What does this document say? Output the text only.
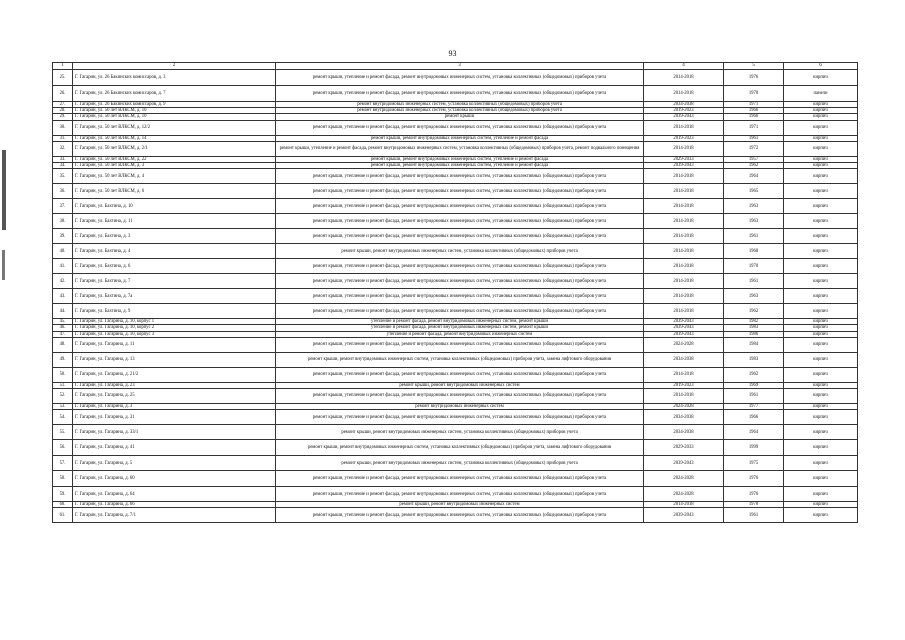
93
1	2	3	4	5	6
25.	Г. Гагарин, ул. 26 Бакинских комиссаров, д. 3	ремонт крыши, утепление и ремонт фасада, ремонт внутридомовых инженерных систем, установка коллективных (общедомовых) приборов учета	2014-2018	1976	кирпич
26.	Г. Гагарин, ул. 26 Бакинских комиссаров, д. 7	ремонт крыши, утепление и ремонт фасада, ремонт внутридомовых инженерных систем, установка коллективных (общедомовых) приборов учета	2014-2018	1970	панели
27.	Г. Гагарин, ул. 26 Бакинских комиссаров, д. 9	ремонт внутридомовых инженерных систем, установка коллективных (общедомовых) приборов учета	2034-2038	1971	кирпич
28.	Г. Гагарин, ул. 50 лет ВЛКСМ, д. 10	ремонт внутридомовых инженерных систем, установка коллективных (общедомовых) приборов учета	2019-2023	1966	кирпич
29.	Г. Гагарин, ул. 50 лет ВЛКСМ, д. 10	ремонт крыши	2039-2043	1966	кирпич
30.	Г. Гагарин, ул. 50 лет ВЛКСМ, д. 12/2	ремонт крыши, утепление и ремонт фасада, ремонт внутридомовых инженерных систем, установка коллективных (общедомовых) приборов учета	2014-2018	1971	кирпич
31.	Г. Гагарин, ул. 50 лет ВЛКСМ, д. 14	ремонт крыши, ремонт внутридомовых инженерных систем, утепление и ремонт фасада	2019-2023	1961	кирпич
32.	Г. Гагарин, ул. 50 лет ВЛКСМ, д. 2/1	ремонт крыши, утепление и ремонт фасада, ремонт внутридомовых инженерных систем, установка коллективных (общедомовых) приборов учета, ремонт подвального помещения	2014-2018	1972	кирпич
33.	Г. Гагарин, ул. 50 лет ВЛКСМ, д. 22	ремонт крыши, ремонт внутридомовых инженерных систем, утепление и ремонт фасада	2029-2033	1957	кирпич
34.	Г. Гагарин, ул. 50 лет ВЛКСМ, д. 3	ремонт крыши, ремонт внутридомовых инженерных систем, утепление и ремонт фасада	2039-2043	1962	кирпич
35.	Г. Гагарин, ул. 50 лет ВЛКСМ, д. 4	ремонт крыши, утепление и ремонт фасада, ремонт внутридомовых инженерных систем, установка коллективных (общедомовых) приборов учета	2014-2018	1964	кирпич
36.	Г. Гагарин, ул. 50 лет ВЛКСМ, д. 6	ремонт крыши, утепление и ремонт фасада, ремонт внутридомовых инженерных систем, установка коллективных (общедомовых) приборов учета	2014-2018	1965	кирпич
37.	Г. Гагарин, ул. Бахтина, д. 10	ремонт крыши, утепление и ремонт фасада, ремонт внутридомовых инженерных систем, установка коллективных (общедомовых) приборов учета	2014-2018	1963	кирпич
38.	Г. Гагарин, ул. Бахтина, д. 11	ремонт крыши, утепление и ремонт фасада, ремонт внутридомовых инженерных систем, установка коллективных (общедомовых) приборов учета	2014-2018	1963	кирпич
39.	Г. Гагарин, ул. Бахтина, д. 3	ремонт крыши, утепление и ремонт фасада, ремонт внутридомовых инженерных систем, установка коллективных (общедомовых) приборов учета	2014-2018	1961	кирпич
40.	Г. Гагарин, ул. Бахтина, д. 4	ремонт крыши, ремонт внутридомовых инженерных систем, установка коллективных (общедомовых) приборов учета	2014-2018	1968	кирпич
41.	Г. Гагарин, ул. Бахтина, д. 6	ремонт крыши, утепление и ремонт фасада, ремонт внутридомовых инженерных систем, установка коллективных (общедомовых) приборов учета	2014-2018	1970	кирпич
42.	Г. Гагарин, ул. Бахтина, д. 7	ремонт крыши, утепление и ремонт фасада, ремонт внутридомовых инженерных систем, установка коллективных (общедомовых) приборов учета	2014-2018	1961	кирпич
43.	Г. Гагарин, ул. Бахтина, д. 7а	ремонт крыши, утепление и ремонт фасада, ремонт внутридомовых инженерных систем, установка коллективных (общедомовых) приборов учета	2014-2018	1963	кирпич
44.	Г. Гагарин, ул. Бахтина, д. 9	ремонт крыши, утепление и ремонт фасада, ремонт внутридомовых инженерных систем, установка коллективных (общедомовых) приборов учета	2014-2018	1962	кирпич
45.	Г. Гагарин, ул. Гагарина, д. 10, корпус 1	утепление и ремонт фасада, ремонт внутридомовых инженерных систем, ремонт крыши	2039-2043	1982	кирпич
46.	Г. Гагарин, ул. Гагарина, д. 10, корпус 2	утепление и ремонт фасада, ремонт внутридомовых инженерных систем, ремонт крыши	2039-2043	1983	кирпич
47.	Г. Гагарин, ул. Гагарина, д. 10, корпус 3	утепление и ремонт фасада, ремонт внутридомовых инженерных систем	2039-2043	1986	кирпич
48.	Г. Гагарин, ул. Гагарина, д. 11	ремонт крыши, утепление и ремонт фасада, ремонт внутридомовых инженерных систем, установка коллективных (общедомовых) приборов учета	2024-2028	1984	кирпич
49.	Г. Гагарин, ул. Гагарина, д. 13	ремонт крыши, ремонт внутридомовых инженерных систем, установка коллективных (общедомовых) приборов учета, замена лифтового оборудования	2034-2038	1983	кирпич
50.	Г. Гагарин, ул. Гагарина, д. 21/2	ремонт крыши, утепление и ремонт фасада, ремонт внутридомовых инженерных систем, установка коллективных (общедомовых) приборов учета	2014-2018	1962	кирпич
51.	Г. Гагарин, ул. Гагарина, д. 23	ремонт крыши, ремонт внутридомовых инженерных систем	2019-2023	1969	кирпич
52.	Г. Гагарин, ул. Гагарина, д. 25	ремонт крыши, утепление и ремонт фасада, ремонт внутридомовых инженерных систем, установка коллективных (общедомовых) приборов учета	2014-2018	1961	кирпич
53.	Г. Гагарин, ул. Гагарина, д. 3	ремонт внутридомовых инженерных систем	2024-2028	1977	кирпич
54.	Г. Гагарин, ул. Гагарина, д. 31	ремонт крыши, утепление и ремонт фасада, ремонт внутридомовых инженерных систем, установка коллективных (общедомовых) приборов учета	2034-2038	1966	кирпич
55.	Г. Гагарин, ул. Гагарина, д. 33/1	ремонт крыши, ремонт внутридомовых инженерных систем, установка коллективных (общедомовых) приборов учета	2034-2038	1964	кирпич
56.	Г. Гагарин, ул. Гагарина, д. 41	ремонт крыши, ремонт внутридомовых инженерных систем, установка коллективных (общедомовых) приборов учета, замена лифтового оборудования	2029-2033	1999	кирпич
57.	Г. Гагарин, ул. Гагарина, д. 5	ремонт крыши, ремонт внутридомовых инженерных систем, установка коллективных (общедомовых) приборов учета	2039-2043	1975	кирпич
58.	Г. Гагарин, ул. Гагарина, д. 60	ремонт крыши, утепление и ремонт фасада, ремонт внутридомовых инженерных систем, установка коллективных (общедомовых) приборов учета	2024-2028	1976	кирпич
59.	Г. Гагарин, ул. Гагарина, д. 64	ремонт крыши, утепление и ремонт фасада, ремонт внутридомовых инженерных систем, установка коллективных (общедомовых) приборов учета	2024-2028	1976	кирпич
60.	Г. Гагарин, ул. Гагарина, д. 66	ремонт крыши, ремонт внутридомовых инженерных систем	2014-2018	1978	кирпич
61.	Г. Гагарин, ул. Гагарина, д. 7/1	ремонт крыши, утепление и ремонт фасада, ремонт внутридомовых инженерных систем, установка коллективных (общедомовых) приборов учета	2039-2043	1961	кирпич
